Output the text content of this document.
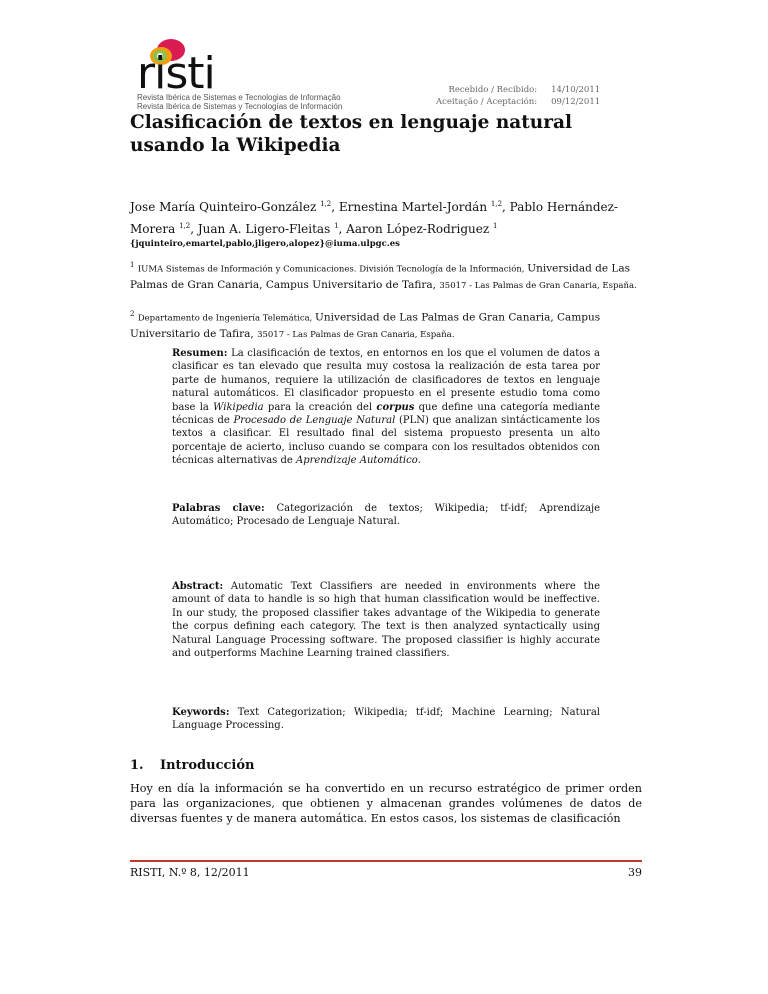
risti
Revista Ibérica de Sistemas e Tecnologias de Informação
Revista Ibérica de Sistemas y Tecnologías de Información
Recebido / Recibido:	14/10/2011
Aceitação / Aceptación:	09/12/2011
Clasificación de textos en lenguaje natural usando la Wikipedia
Jose María Quinteiro-González $^{1,2}$, Ernestina Martel-Jordán $^{1,2}$, Pablo Hernández-Morera $^{1,2}$, Juan A. Ligero-Fleitas $^1$, Aaron López-Rodriguez $^1$
{jquinteiro,emartel,pablo,jligero,alopez}@iuma.ulpgc.es
$^1$ IUMA Sistemas de Información y Comunicaciones. División Tecnología de la Información, Universidad de Las Palmas de Gran Canaria, Campus Universitario de Tafira, 35017 - Las Palmas de Gran Canaria, España.
$^2$ Departamento de Ingeniería Telemática, Universidad de Las Palmas de Gran Canaria, Campus Universitario de Tafira, 35017 - Las Palmas de Gran Canaria, España.
Resumen: La clasificación de textos, en entornos en los que el volumen de datos a clasificar es tan elevado que resulta muy costosa la realización de esta tarea por parte de humanos, requiere la utilización de clasificadores de textos en lenguaje natural automáticos. El clasificador propuesto en el presente estudio toma como base la Wikipedia para la creación del corpus que define una categoría mediante técnicas de Procesado de Lenguaje Natural (PLN) que analizan sintácticamente los textos a clasificar. El resultado final del sistema propuesto presenta un alto porcentaje de acierto, incluso cuando se compara con los resultados obtenidos con técnicas alternativas de Aprendizaje Automático.
Palabras clave: Categorización de textos; Wikipedia; tf-idf; Aprendizaje Automático; Procesado de Lenguaje Natural.
Abstract: Automatic Text Classifiers are needed in environments where the amount of data to handle is so high that human classification would be ineffective. In our study, the proposed classifier takes advantage of the Wikipedia to generate the corpus defining each category. The text is then analyzed syntactically using Natural Language Processing software. The proposed classifier is highly accurate and outperforms Machine Learning trained classifiers.
Keywords: Text Categorization; Wikipedia; tf-idf; Machine Learning; Natural Language Processing.
1. Introducción
Hoy en día la información se ha convertido en un recurso estratégico de primer orden para las organizaciones, que obtienen y almacenan grandes volúmenes de datos de diversas fuentes y de manera automática. En estos casos, los sistemas de clasificación
RISTI, N.º 8, 12/2011	39
